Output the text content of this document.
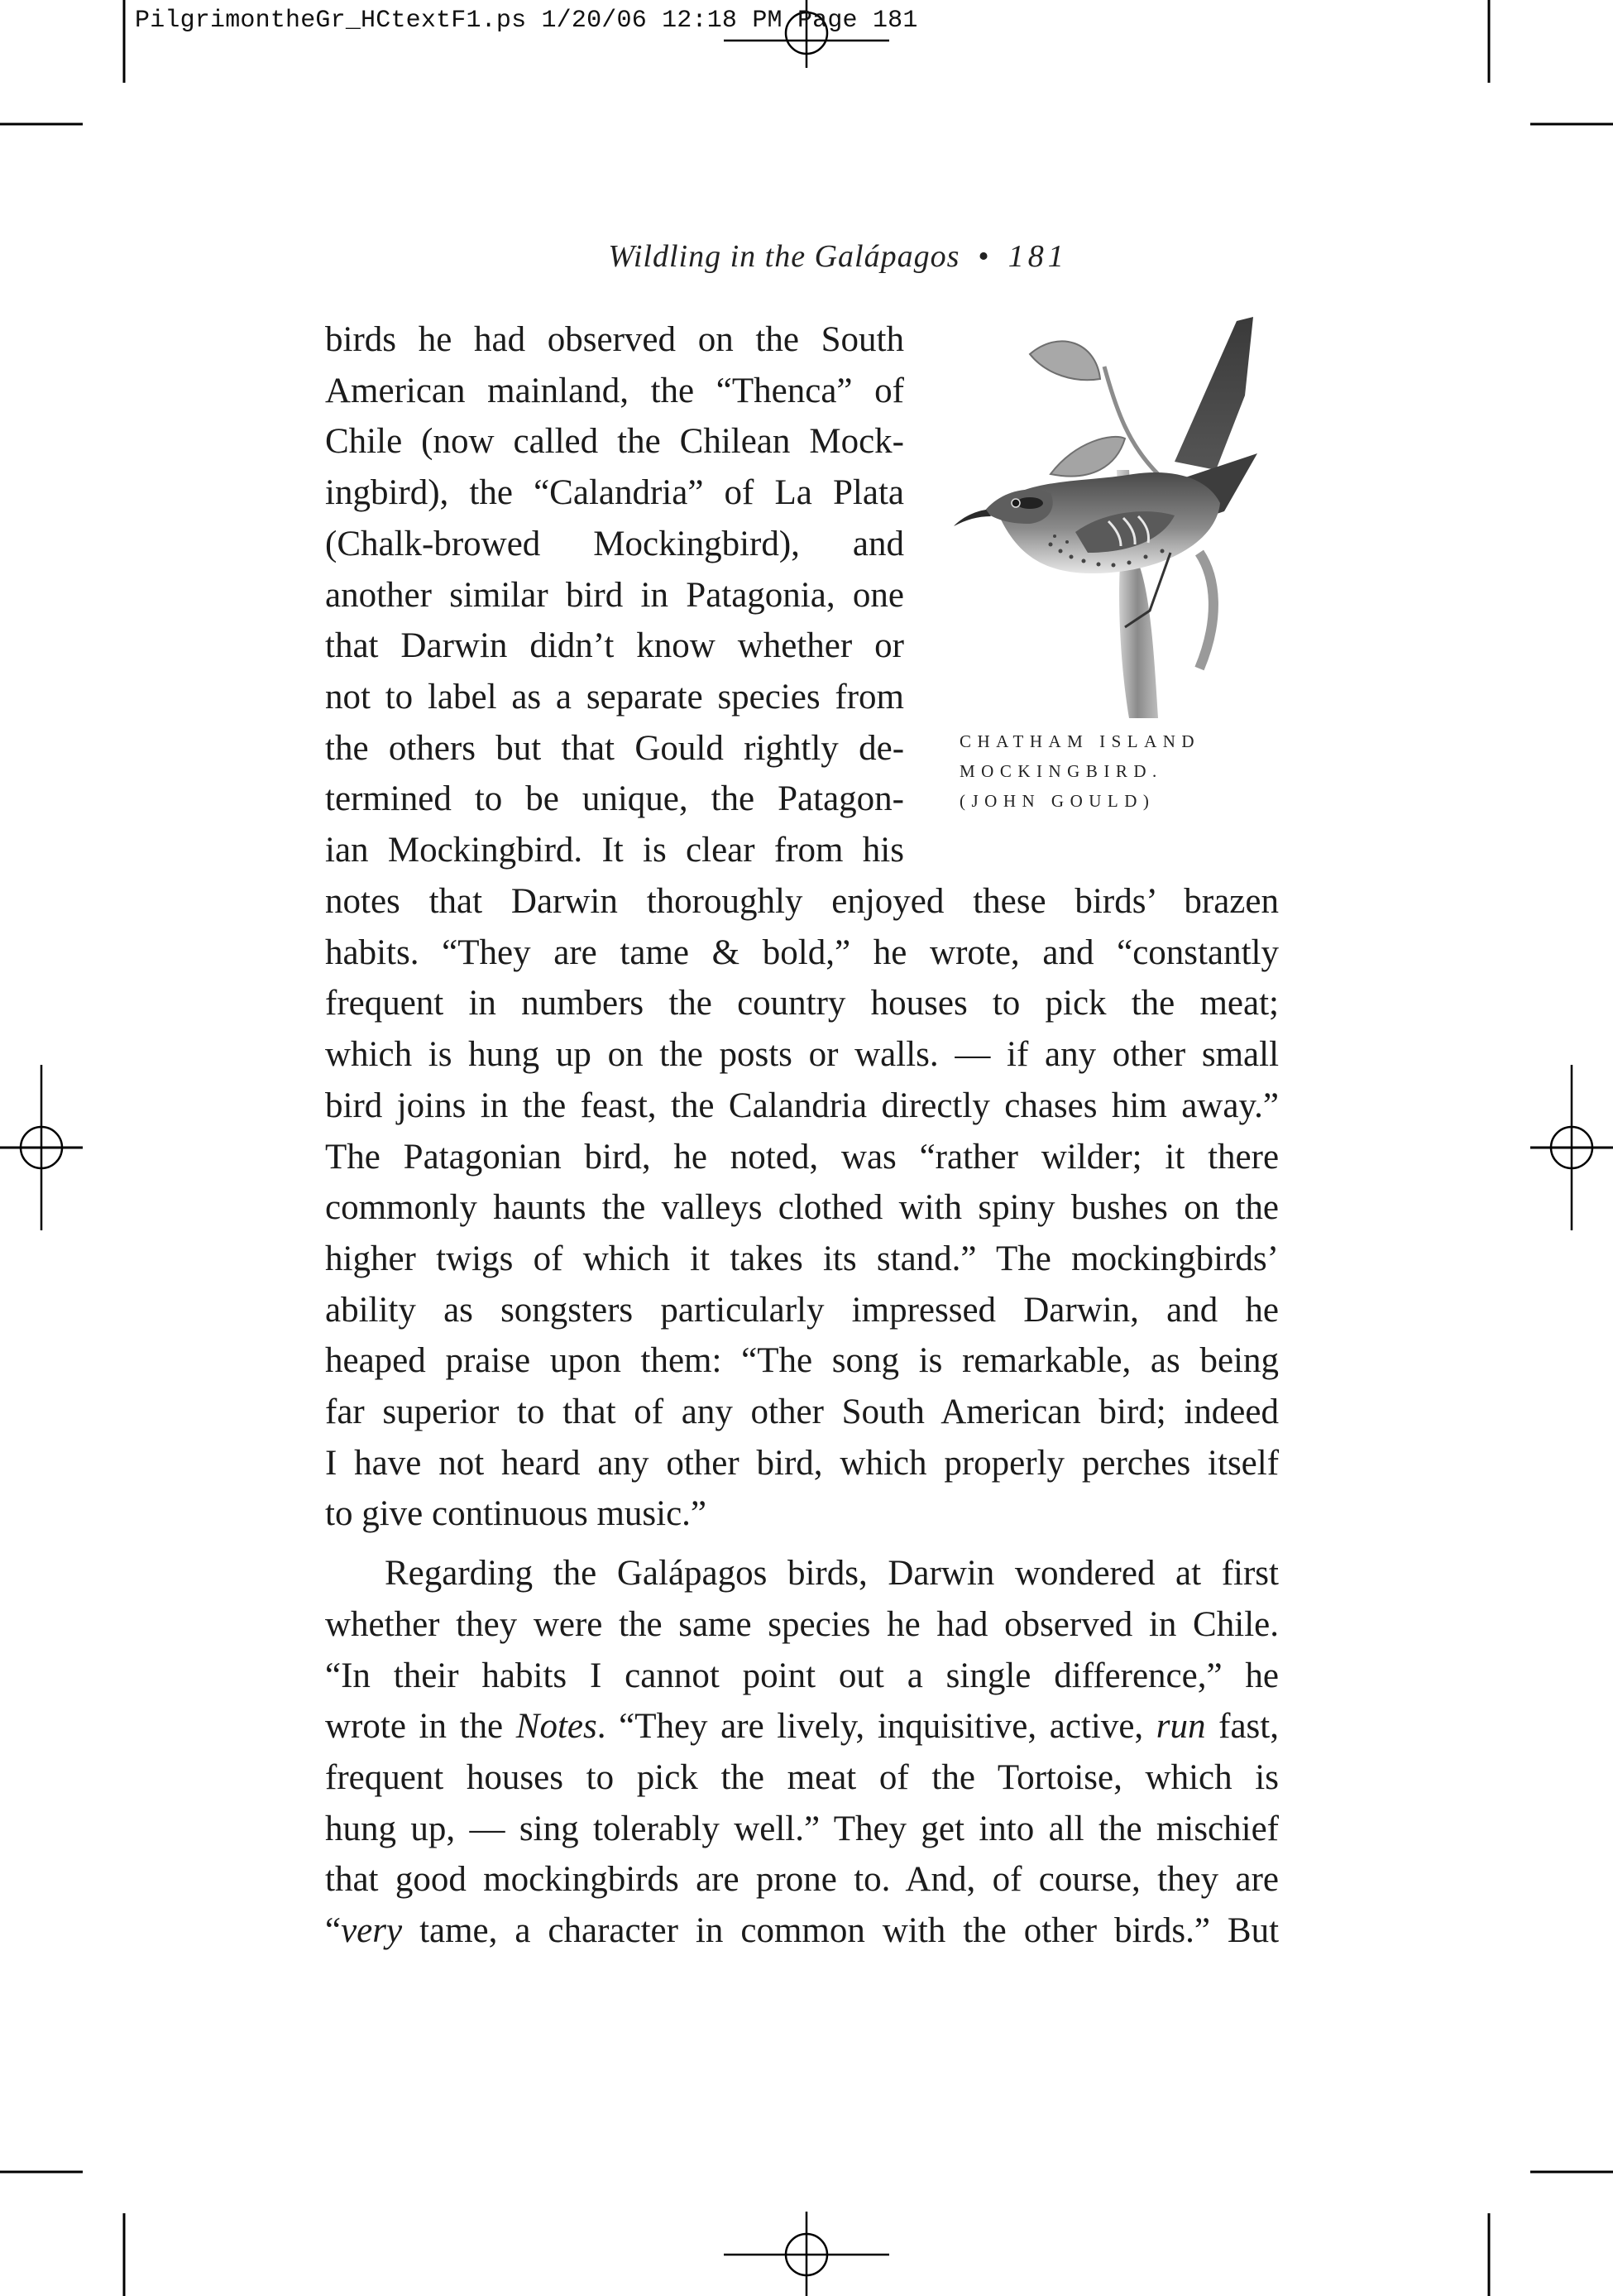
PilgrimontheGr_HCtextF1.ps 1/20/06 12:18 PM Page 181
Wildling in the Galápagos • 181
birds he had observed on the South
American mainland, the “Thenca” of
Chile (now called the Chilean Mock-
ingbird), the “Calandria” of La Plata
(Chalk-browed Mockingbird), and
another similar bird in Patagonia, one
that Darwin didn’t know whether or
not to label as a separate species from
the others but that Gould rightly de-
termined to be unique, the Patagon-
ian Mockingbird. It is clear from his
CHATHAM ISLAND
MOCKINGBIRD.
(JOHN GOULD)
notes that Darwin thoroughly enjoyed these birds’ brazen
habits. “They are tame & bold,” he wrote, and “constantly
frequent in numbers the country houses to pick the meat;
which is hung up on the posts or walls. — if any other small
bird joins in the feast, the Calandria directly chases him away.”
The Patagonian bird, he noted, was “rather wilder; it there
commonly haunts the valleys clothed with spiny bushes on the
higher twigs of which it takes its stand.” The mockingbirds’
ability as songsters particularly impressed Darwin, and he
heaped praise upon them: “The song is remarkable, as being
far superior to that of any other South American bird; indeed
I have not heard any other bird, which properly perches itself
to give continuous music.”
Regarding the Galápagos birds, Darwin wondered at first
whether they were the same species he had observed in Chile.
“In their habits I cannot point out a single difference,” he
wrote in the Notes. “They are lively, inquisitive, active, run fast,
frequent houses to pick the meat of the Tortoise, which is
hung up, — sing tolerably well.” They get into all the mischief
that good mockingbirds are prone to. And, of course, they are
“very tame, a character in common with the other birds.” But
